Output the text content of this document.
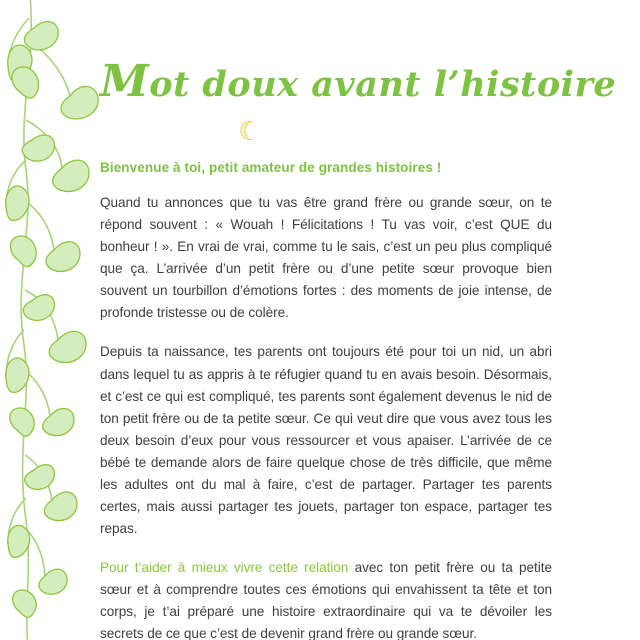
Mot doux avant l’histoire
☾

Bienvenue à toi, petit amateur de grandes histoires !

Quand tu annonces que tu vas être grand frère ou grande sœur, on te répond souvent : « Wouah ! Félicitations ! Tu vas voir, c’est QUE du bonheur ! ». En vrai de vrai, comme tu le sais, c’est un peu plus compliqué que ça. L’arrivée d’un petit frère ou d’une petite sœur provoque bien souvent un tourbillon d’émotions fortes : des moments de joie intense, de profonde tristesse ou de colère.

Depuis ta naissance, tes parents ont toujours été pour toi un nid, un abri dans lequel tu as appris à te réfugier quand tu en avais besoin. Désormais, et c’est ce qui est compliqué, tes parents sont également devenus le nid de ton petit frère ou de ta petite sœur. Ce qui veut dire que vous avez tous les deux besoin d’eux pour vous ressourcer et vous apaiser. L’arrivée de ce bébé te demande alors de faire quelque chose de très difficile, que même les adultes ont du mal à faire, c’est de partager. Partager tes parents certes, mais aussi partager tes jouets, partager ton espace, partager tes repas.

Pour t’aider à mieux vivre cette relation avec ton petit frère ou ta petite sœur et à comprendre toutes ces émotions qui envahissent ta tête et ton corps, je t’ai préparé une histoire extraordinaire qui va te dévoiler les secrets de ce que c’est de devenir grand frère ou grande sœur.
